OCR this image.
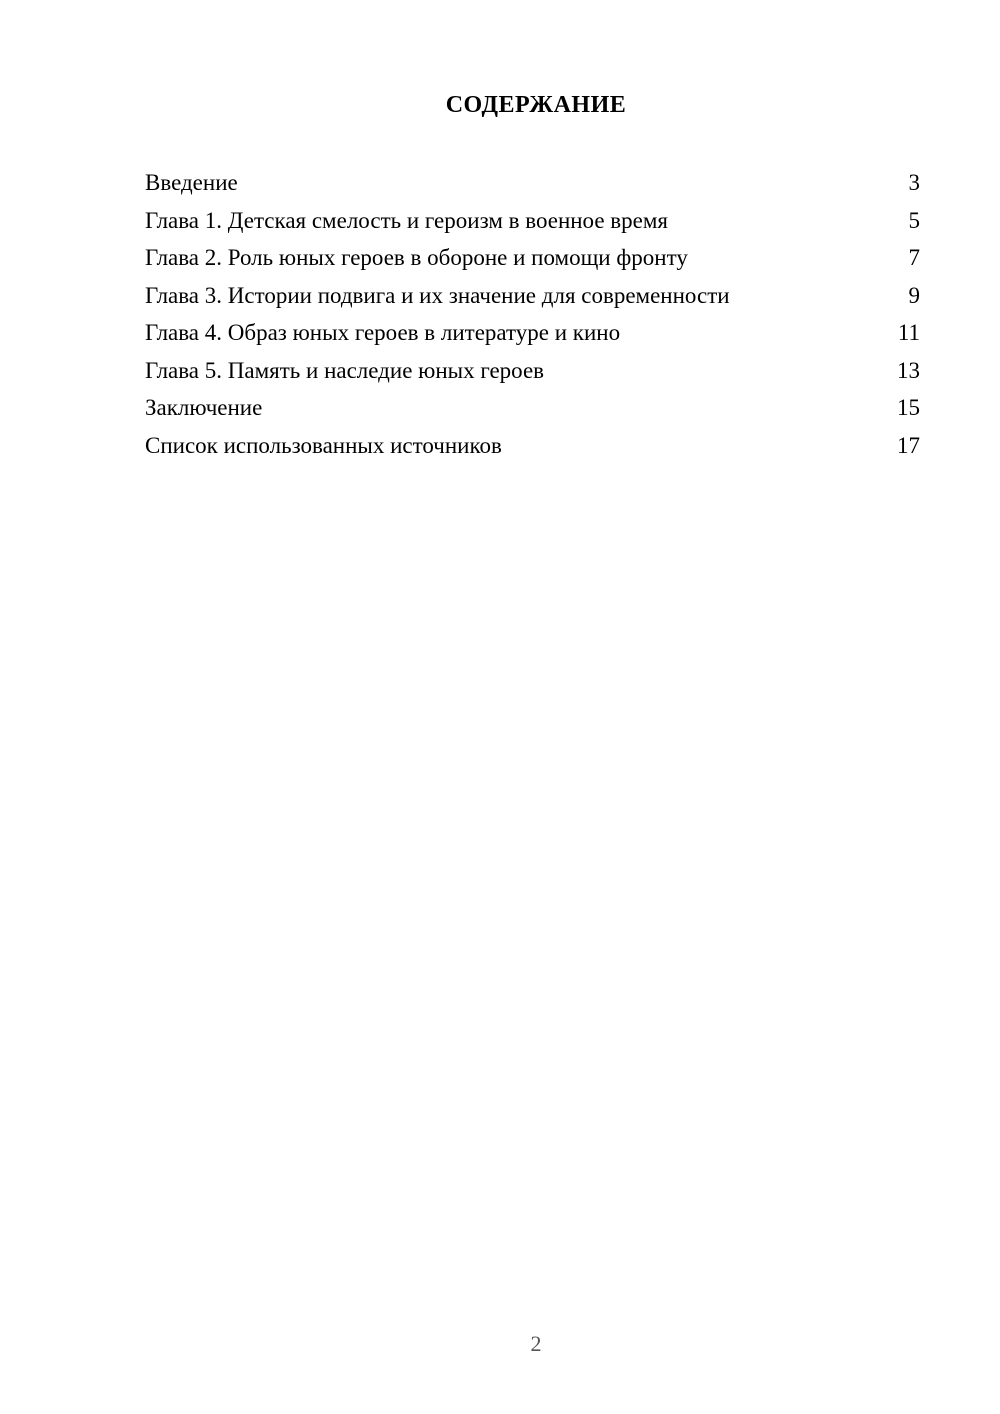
СОДЕРЖАНИЕ
Введение	3
Глава 1. Детская смелость и героизм в военное время	5
Глава 2. Роль юных героев в обороне и помощи фронту	7
Глава 3. Истории подвига и их значение для современности	9
Глава 4. Образ юных героев в литературе и кино	11
Глава 5. Память и наследие юных героев	13
Заключение	15
Список использованных источников	17
2
